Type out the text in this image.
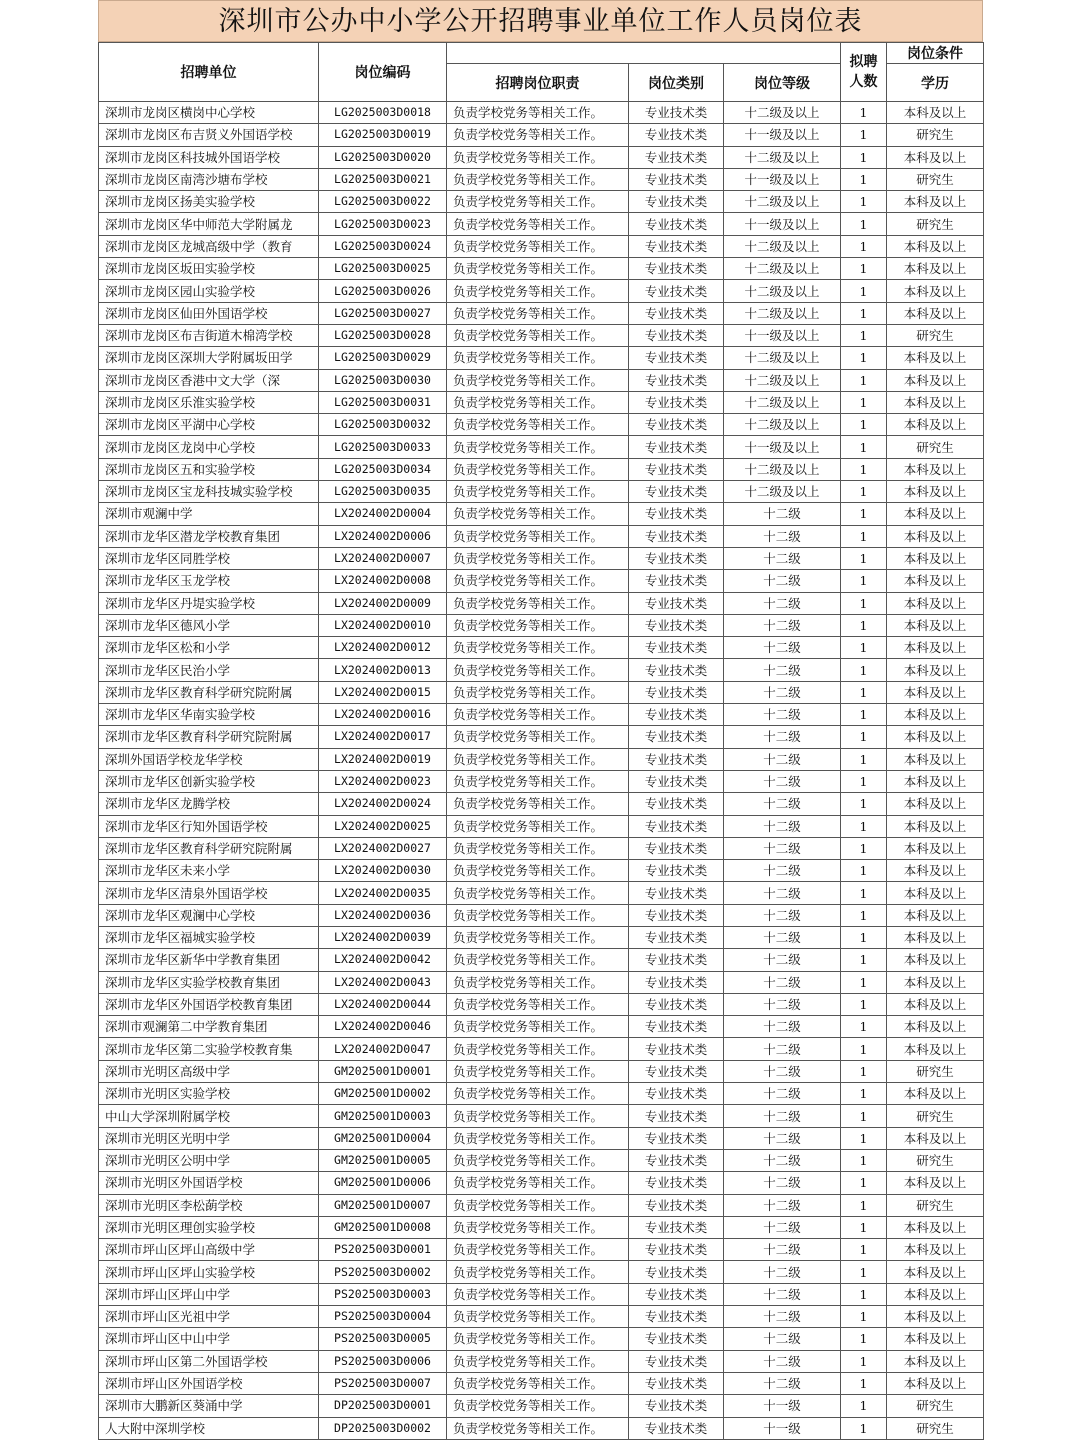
深圳市公办中小学公开招聘事业单位工作人员岗位表
招聘单位	岗位编码				拟聘人数	岗位条件
		招聘岗位职责	岗位类别	岗位等级		学历
深圳市龙岗区横岗中心学校	LG2025003D0018	负责学校党务等相关工作。	专业技术类	十二级及以上	1	本科及以上
深圳市龙岗区布吉贤义外国语学校	LG2025003D0019	负责学校党务等相关工作。	专业技术类	十一级及以上	1	研究生
深圳市龙岗区科技城外国语学校	LG2025003D0020	负责学校党务等相关工作。	专业技术类	十二级及以上	1	本科及以上
深圳市龙岗区南湾沙塘布学校	LG2025003D0021	负责学校党务等相关工作。	专业技术类	十一级及以上	1	研究生
深圳市龙岗区扬美实验学校	LG2025003D0022	负责学校党务等相关工作。	专业技术类	十二级及以上	1	本科及以上
深圳市龙岗区华中师范大学附属龙	LG2025003D0023	负责学校党务等相关工作。	专业技术类	十一级及以上	1	研究生
深圳市龙岗区龙城高级中学（教育	LG2025003D0024	负责学校党务等相关工作。	专业技术类	十二级及以上	1	本科及以上
深圳市龙岗区坂田实验学校	LG2025003D0025	负责学校党务等相关工作。	专业技术类	十二级及以上	1	本科及以上
深圳市龙岗区园山实验学校	LG2025003D0026	负责学校党务等相关工作。	专业技术类	十二级及以上	1	本科及以上
深圳市龙岗区仙田外国语学校	LG2025003D0027	负责学校党务等相关工作。	专业技术类	十二级及以上	1	本科及以上
深圳市龙岗区布吉街道木棉湾学校	LG2025003D0028	负责学校党务等相关工作。	专业技术类	十一级及以上	1	研究生
深圳市龙岗区深圳大学附属坂田学	LG2025003D0029	负责学校党务等相关工作。	专业技术类	十二级及以上	1	本科及以上
深圳市龙岗区香港中文大学（深	LG2025003D0030	负责学校党务等相关工作。	专业技术类	十二级及以上	1	本科及以上
深圳市龙岗区乐淮实验学校	LG2025003D0031	负责学校党务等相关工作。	专业技术类	十二级及以上	1	本科及以上
深圳市龙岗区平湖中心学校	LG2025003D0032	负责学校党务等相关工作。	专业技术类	十二级及以上	1	本科及以上
深圳市龙岗区龙岗中心学校	LG2025003D0033	负责学校党务等相关工作。	专业技术类	十一级及以上	1	研究生
深圳市龙岗区五和实验学校	LG2025003D0034	负责学校党务等相关工作。	专业技术类	十二级及以上	1	本科及以上
深圳市龙岗区宝龙科技城实验学校	LG2025003D0035	负责学校党务等相关工作。	专业技术类	十二级及以上	1	本科及以上
深圳市观澜中学	LX2024002D0004	负责学校党务等相关工作。	专业技术类	十二级	1	本科及以上
深圳市龙华区潜龙学校教育集团	LX2024002D0006	负责学校党务等相关工作。	专业技术类	十二级	1	本科及以上
深圳市龙华区同胜学校	LX2024002D0007	负责学校党务等相关工作。	专业技术类	十二级	1	本科及以上
深圳市龙华区玉龙学校	LX2024002D0008	负责学校党务等相关工作。	专业技术类	十二级	1	本科及以上
深圳市龙华区丹堤实验学校	LX2024002D0009	负责学校党务等相关工作。	专业技术类	十二级	1	本科及以上
深圳市龙华区德风小学	LX2024002D0010	负责学校党务等相关工作。	专业技术类	十二级	1	本科及以上
深圳市龙华区松和小学	LX2024002D0012	负责学校党务等相关工作。	专业技术类	十二级	1	本科及以上
深圳市龙华区民治小学	LX2024002D0013	负责学校党务等相关工作。	专业技术类	十二级	1	本科及以上
深圳市龙华区教育科学研究院附属	LX2024002D0015	负责学校党务等相关工作。	专业技术类	十二级	1	本科及以上
深圳市龙华区华南实验学校	LX2024002D0016	负责学校党务等相关工作。	专业技术类	十二级	1	本科及以上
深圳市龙华区教育科学研究院附属	LX2024002D0017	负责学校党务等相关工作。	专业技术类	十二级	1	本科及以上
深圳外国语学校龙华学校	LX2024002D0019	负责学校党务等相关工作。	专业技术类	十二级	1	本科及以上
深圳市龙华区创新实验学校	LX2024002D0023	负责学校党务等相关工作。	专业技术类	十二级	1	本科及以上
深圳市龙华区龙腾学校	LX2024002D0024	负责学校党务等相关工作。	专业技术类	十二级	1	本科及以上
深圳市龙华区行知外国语学校	LX2024002D0025	负责学校党务等相关工作。	专业技术类	十二级	1	本科及以上
深圳市龙华区教育科学研究院附属	LX2024002D0027	负责学校党务等相关工作。	专业技术类	十二级	1	本科及以上
深圳市龙华区未来小学	LX2024002D0030	负责学校党务等相关工作。	专业技术类	十二级	1	本科及以上
深圳市龙华区清泉外国语学校	LX2024002D0035	负责学校党务等相关工作。	专业技术类	十二级	1	本科及以上
深圳市龙华区观澜中心学校	LX2024002D0036	负责学校党务等相关工作。	专业技术类	十二级	1	本科及以上
深圳市龙华区福城实验学校	LX2024002D0039	负责学校党务等相关工作。	专业技术类	十二级	1	本科及以上
深圳市龙华区新华中学教育集团	LX2024002D0042	负责学校党务等相关工作。	专业技术类	十二级	1	本科及以上
深圳市龙华区实验学校教育集团	LX2024002D0043	负责学校党务等相关工作。	专业技术类	十二级	1	本科及以上
深圳市龙华区外国语学校教育集团	LX2024002D0044	负责学校党务等相关工作。	专业技术类	十二级	1	本科及以上
深圳市观澜第二中学教育集团	LX2024002D0046	负责学校党务等相关工作。	专业技术类	十二级	1	本科及以上
深圳市龙华区第二实验学校教育集	LX2024002D0047	负责学校党务等相关工作。	专业技术类	十二级	1	本科及以上
深圳市光明区高级中学	GM2025001D0001	负责学校党务等相关工作。	专业技术类	十二级	1	研究生
深圳市光明区实验学校	GM2025001D0002	负责学校党务等相关工作。	专业技术类	十二级	1	本科及以上
中山大学深圳附属学校	GM2025001D0003	负责学校党务等相关工作。	专业技术类	十二级	1	研究生
深圳市光明区光明中学	GM2025001D0004	负责学校党务等相关工作。	专业技术类	十二级	1	本科及以上
深圳市光明区公明中学	GM2025001D0005	负责学校党务等相关工作。	专业技术类	十二级	1	研究生
深圳市光明区外国语学校	GM2025001D0006	负责学校党务等相关工作。	专业技术类	十二级	1	本科及以上
深圳市光明区李松蓢学校	GM2025001D0007	负责学校党务等相关工作。	专业技术类	十二级	1	研究生
深圳市光明区理创实验学校	GM2025001D0008	负责学校党务等相关工作。	专业技术类	十二级	1	本科及以上
深圳市坪山区坪山高级中学	PS2025003D0001	负责学校党务等相关工作。	专业技术类	十二级	1	本科及以上
深圳市坪山区坪山实验学校	PS2025003D0002	负责学校党务等相关工作。	专业技术类	十二级	1	本科及以上
深圳市坪山区坪山中学	PS2025003D0003	负责学校党务等相关工作。	专业技术类	十二级	1	本科及以上
深圳市坪山区光祖中学	PS2025003D0004	负责学校党务等相关工作。	专业技术类	十二级	1	本科及以上
深圳市坪山区中山中学	PS2025003D0005	负责学校党务等相关工作。	专业技术类	十二级	1	本科及以上
深圳市坪山区第二外国语学校	PS2025003D0006	负责学校党务等相关工作。	专业技术类	十二级	1	本科及以上
深圳市坪山区外国语学校	PS2025003D0007	负责学校党务等相关工作。	专业技术类	十二级	1	本科及以上
深圳市大鹏新区葵涌中学	DP2025003D0001	负责学校党务等相关工作。	专业技术类	十一级	1	研究生
人大附中深圳学校	DP2025003D0002	负责学校党务等相关工作。	专业技术类	十一级	1	研究生
